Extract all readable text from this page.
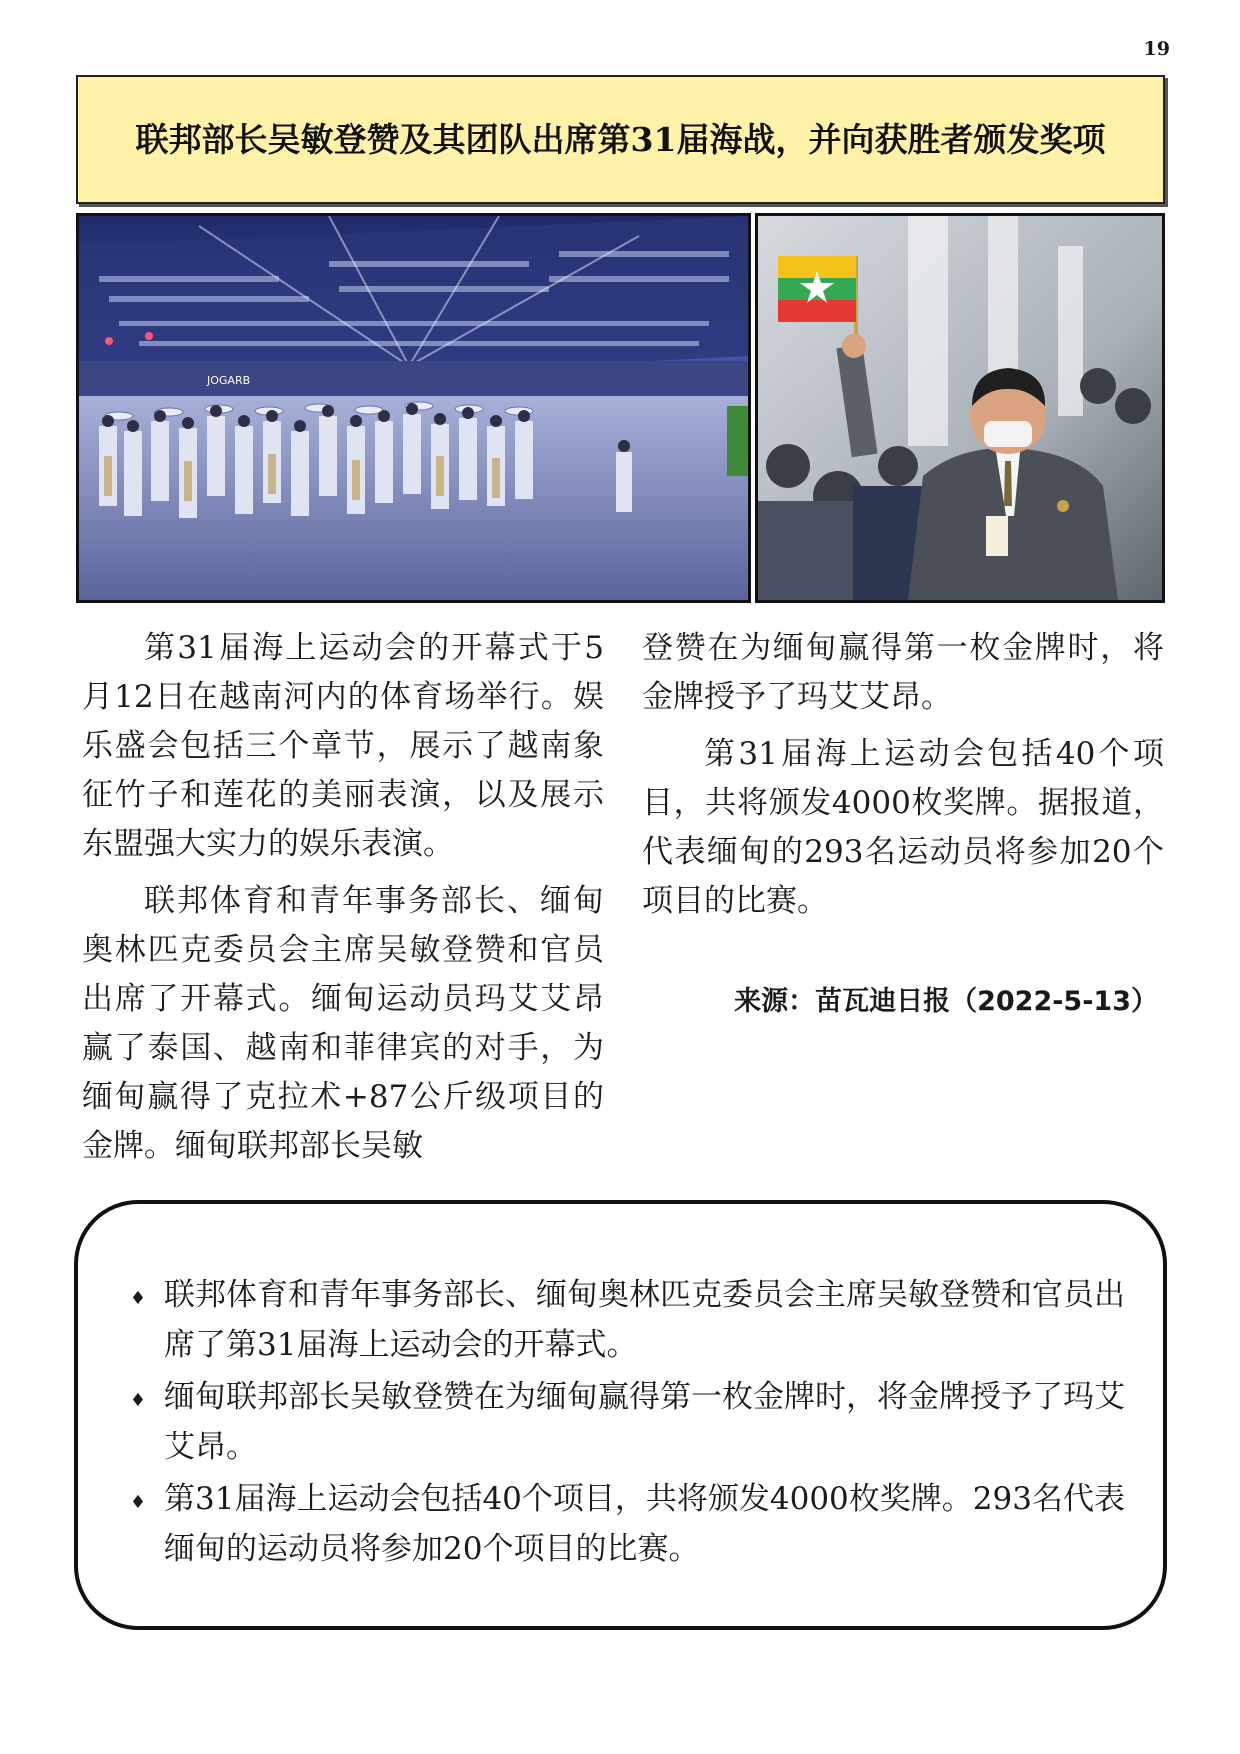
19
联邦部长吴敏登赞及其团队出席第31届海战，并向获胜者颁发奖项
JOGARB

第31届海上运动会的开幕式于5月12日在越南河内的体育场举行。娱乐盛会包括三个章节，展示了越南象征竹子和莲花的美丽表演，以及展示东盟强大实力的娱乐表演。

联邦体育和青年事务部长、缅甸奥林匹克委员会主席吴敏登赞和官员出席了开幕式。缅甸运动员玛艾艾昂赢了泰国、越南和菲律宾的对手，为缅甸赢得了克拉术+87公斤级项目的金牌。缅甸联邦部长吴敏

登赞在为缅甸赢得第一枚金牌时，将金牌授予了玛艾艾昂。

第31届海上运动会包括40个项目，共将颁发4000枚奖牌。据报道，代表缅甸的293名运动员将参加20个项目的比赛。

来源：苗瓦迪日报（2022-5-13）
♦ 联邦体育和青年事务部长、缅甸奥林匹克委员会主席吴敏登赞和官员出席了第31届海上运动会的开幕式。
♦ 缅甸联邦部长吴敏登赞在为缅甸赢得第一枚金牌时，将金牌授予了玛艾艾昂。
♦ 第31届海上运动会包括40个项目，共将颁发4000枚奖牌。293名代表缅甸的运动员将参加20个项目的比赛。
